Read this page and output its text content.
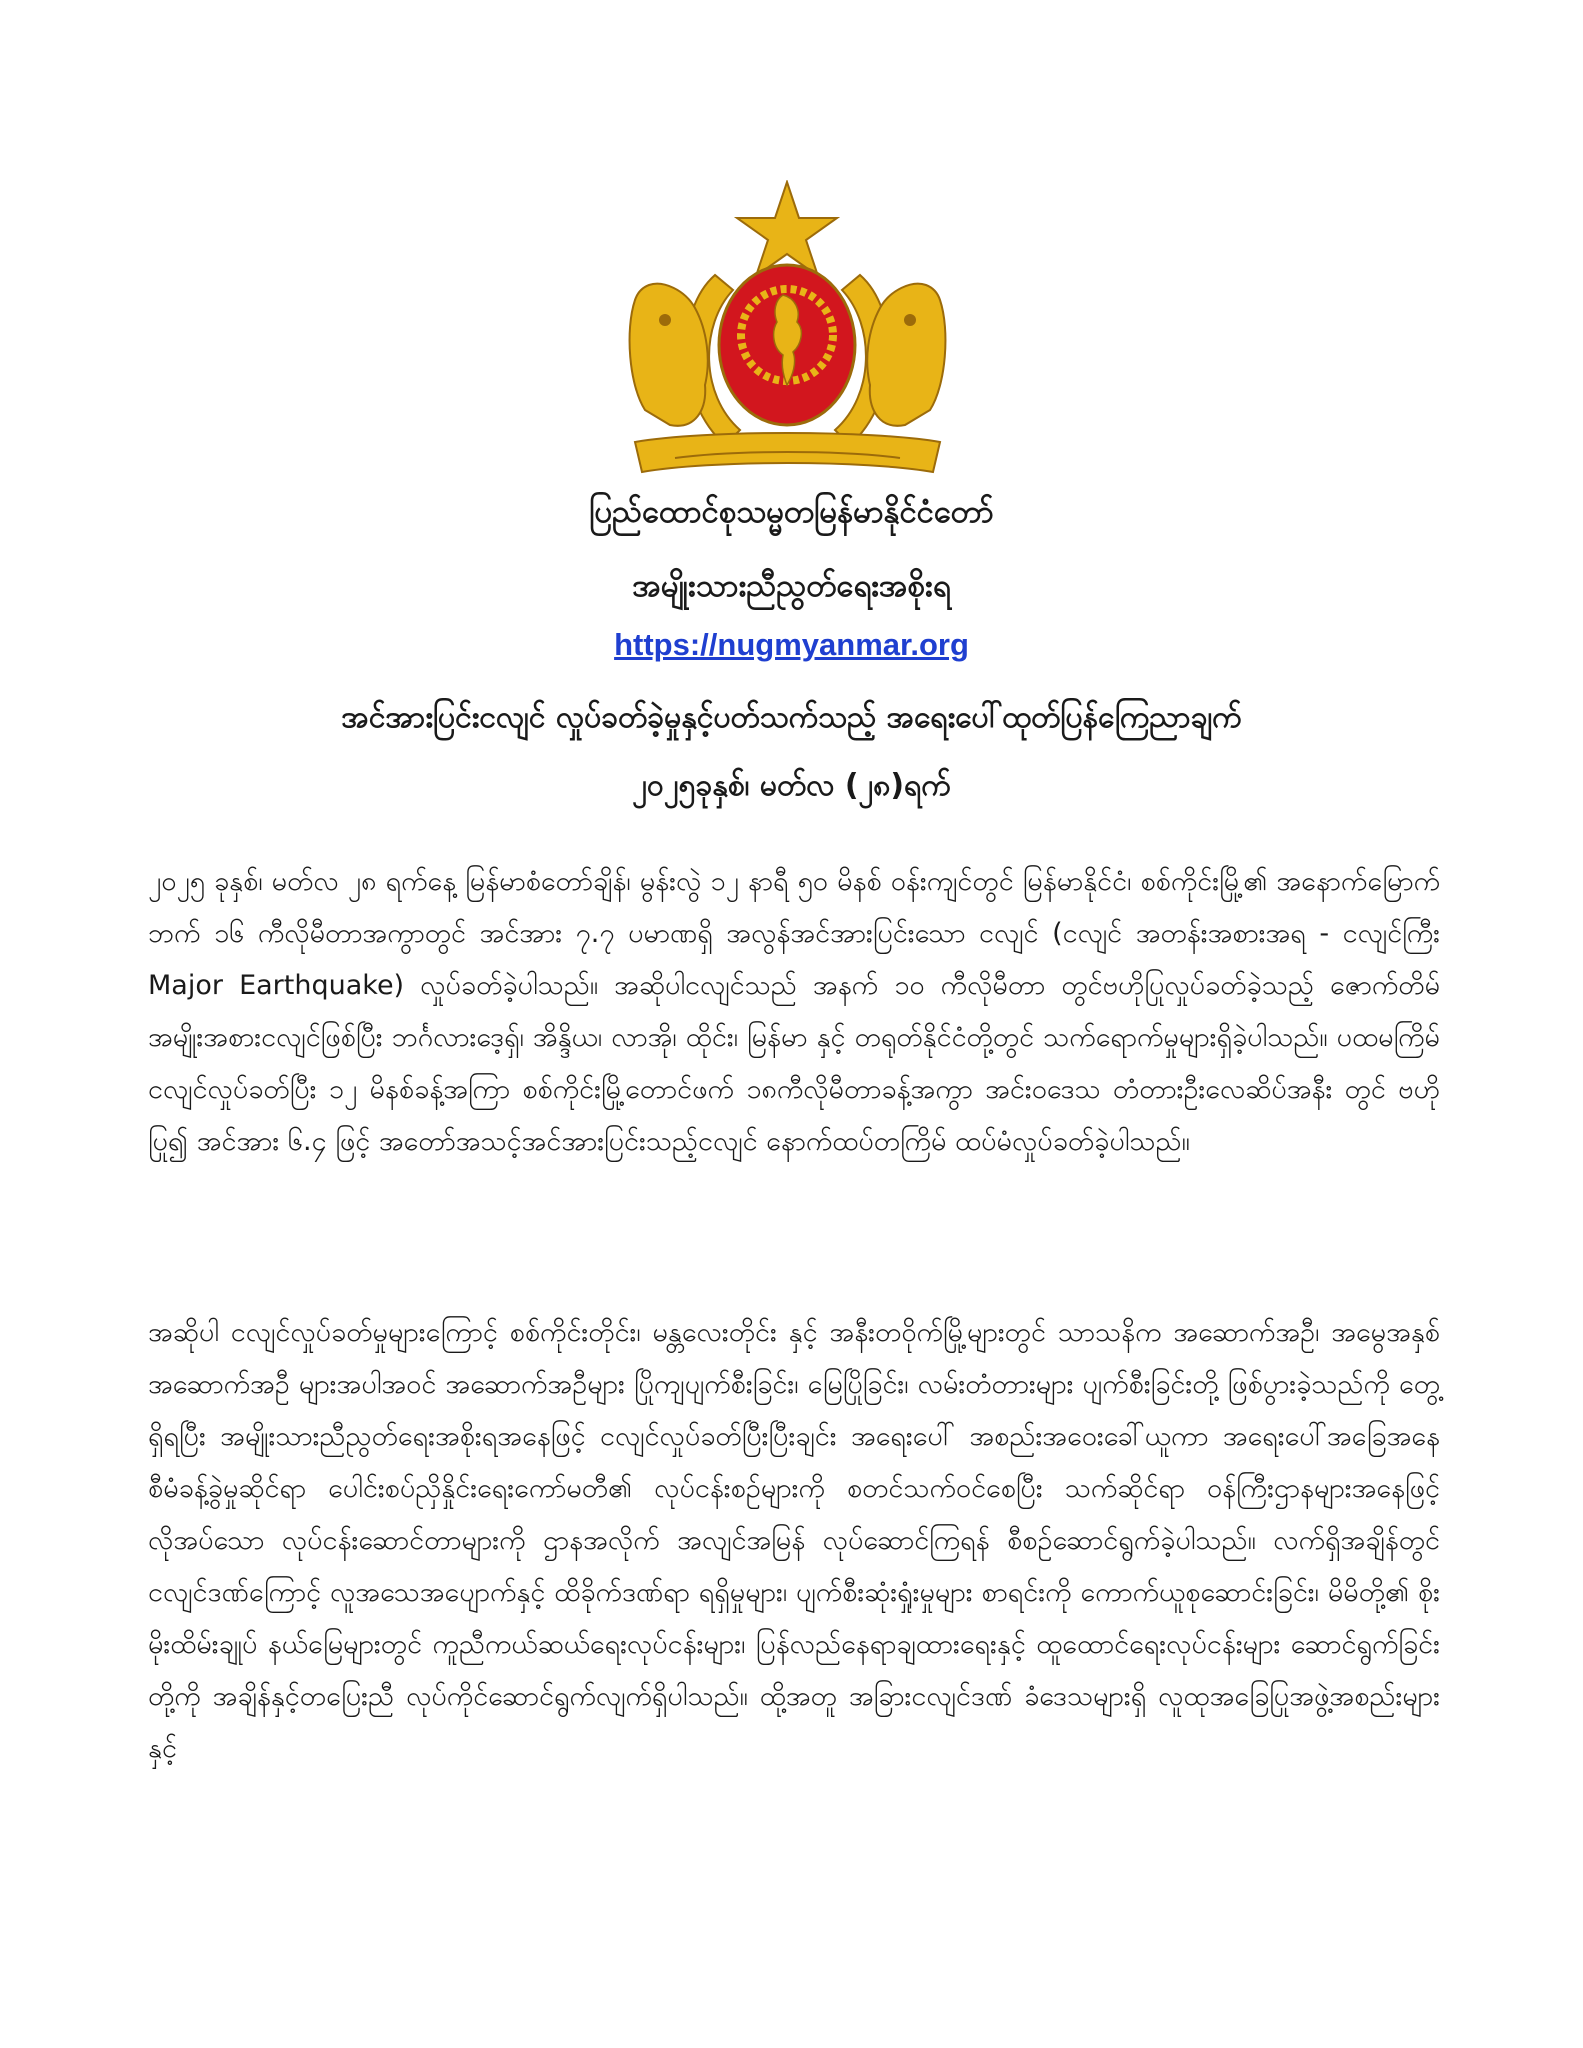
ပြည်ထောင်စုသမ္မတမြန်မာနိုင်ငံတော်
အမျိုးသားညီညွတ်ရေးအစိုးရ
https://nugmyanmar.org
အင်အားပြင်းငလျင် လှုပ်ခတ်ခဲ့မှုနှင့်ပတ်သက်သည့် အရေးပေါ်ထုတ်ပြန်ကြေညာချက်
၂၀၂၅ခုနှစ်၊ မတ်လ (၂၈)ရက်

၂၀၂၅ ခုနှစ်၊ မတ်လ ၂၈ ရက်နေ့ မြန်မာစံတော်ချိန်၊ မွန်းလွဲ ၁၂ နာရီ ၅၀ မိနစ် ဝန်းကျင်တွင် မြန်မာနိုင်ငံ၊ စစ်ကိုင်းမြို့၏ အနောက်မြောက်ဘက် ၁၆ ကီလိုမီတာအကွာတွင် အင်အား ၇.၇ ပမာဏရှိ အလွန်အင်အားပြင်းသော ငလျင် (ငလျင် အတန်းအစားအရ - ငလျင်ကြီး Major Earthquake) လှုပ်ခတ်ခဲ့ပါသည်။ အဆိုပါငလျင်သည် အနက် ၁၀ ကီလိုမီတာ တွင်ဗဟိုပြုလှုပ်ခတ်ခဲ့သည့် ဇောက်တိမ် အမျိုးအစားငလျင်ဖြစ်ပြီး ဘင်္ဂလားဒေ့ရှ်၊ အိန္ဒိယ၊ လာအို၊ ထိုင်း၊ မြန်မာ နှင့် တရုတ်နိုင်ငံတို့တွင် သက်ရောက်မှုများရှိခဲ့ပါသည်။ ပထမကြိမ်ငလျင်လှုပ်ခတ်ပြီး ၁၂ မိနစ်ခန့်အကြာ စစ်ကိုင်းမြို့တောင်ဖက် ၁၈ကီလိုမီတာခန့်အကွာ အင်းဝဒေသ တံတားဦးလေဆိပ်အနီး တွင် ဗဟိုပြု၍ အင်အား ၆.၄ ဖြင့် အတော်အသင့်အင်အားပြင်းသည့်ငလျင် နောက်ထပ်တကြိမ် ထပ်မံလှုပ်ခတ်ခဲ့ပါသည်။

အဆိုပါ ငလျင်လှုပ်ခတ်မှုများကြောင့် စစ်ကိုင်းတိုင်း၊ မန္တလေးတိုင်း နှင့် အနီးတဝိုက်မြို့များတွင် သာသနိက အဆောက်အဦ၊ အမွေအနှစ် အဆောက်အဦ များအပါအဝင် အဆောက်အဦများ ပြိုကျပျက်စီးခြင်း၊ မြေပြိုခြင်း၊ လမ်းတံတားများ ပျက်စီးခြင်းတို့ ဖြစ်ပွားခဲ့သည်ကို တွေ့ရှိရပြီး အမျိုးသားညီညွတ်ရေးအစိုးရအနေဖြင့် ငလျင်လှုပ်ခတ်ပြီးပြီးချင်း အရေးပေါ် အစည်းအဝေးခေါ်ယူကာ အရေးပေါ်အခြေအနေစီမံခန့်ခွဲမှုဆိုင်ရာ ပေါင်းစပ်ညှိနှိုင်းရေးကော်မတီ၏ လုပ်ငန်းစဉ်များကို စတင်သက်ဝင်စေပြီး သက်ဆိုင်ရာ ဝန်ကြီးဌာနများအနေဖြင့် လိုအပ်သော လုပ်ငန်းဆောင်တာများကို ဌာနအလိုက် အလျင်အမြန် လုပ်ဆောင်ကြရန် စီစဉ်ဆောင်ရွက်ခဲ့ပါသည်။ လက်ရှိအချိန်တွင် ငလျင်ဒဏ်ကြောင့် လူအသေအပျောက်နှင့် ထိခိုက်ဒဏ်ရာ ရရှိမှုများ၊ ပျက်စီးဆုံးရှုံးမှုများ စာရင်းကို ကောက်ယူစုဆောင်းခြင်း၊ မိမိတို့၏ စိုးမိုးထိမ်းချုပ် နယ်မြေများတွင် ကူညီကယ်ဆယ်ရေးလုပ်ငန်းများ၊ ပြန်လည်နေရာချထားရေးနှင့် ထူထောင်ရေးလုပ်ငန်းများ ဆောင်ရွက်ခြင်းတို့ကို အချိန်နှင့်တပြေးညီ လုပ်ကိုင်ဆောင်ရွက်လျက်ရှိပါသည်။ ထို့အတူ အခြားငလျင်ဒဏ် ခံဒေသများရှိ လူထုအခြေပြုအဖွဲ့အစည်းများနှင့်
